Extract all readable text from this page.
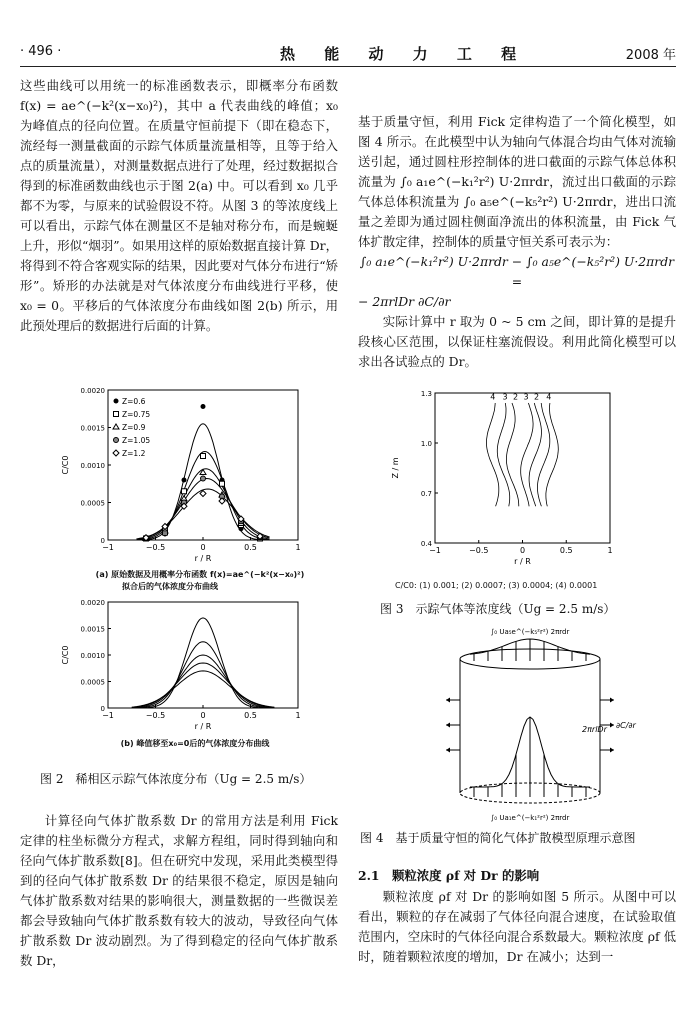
· 496 ·	热 能 动 力 工 程	2008 年

这些曲线可以用统一的标准函数表示，即概率分布函数 f(x) = ae^(−k²(x−x₀)²)，其中 a 代表曲线的峰值；x₀ 为峰值点的径向位置。在质量守恒前提下（即在稳态下，流经每一测量截面的示踪气体质量流量相等，且等于给入点的质量流量），对测量数据点进行了处理，经过数据拟合得到的标准函数曲线也示于图 2(a) 中。可以看到 x₀ 几乎都不为零，与原来的试验假设不符。从图 3 的等浓度线上可以看出，示踪气体在测量区不是轴对称分布，而是蜿蜒上升，形似“烟羽”。如果用这样的原始数据直接计算 Dr，将得到不符合客观实际的结果，因此要对气体分布进行“矫形”。矫形的办法就是对气体浓度分布曲线进行平移，使 x₀ = 0。平移后的气体浓度分布曲线如图 2(b) 所示，用此预处理后的数据进行后面的计算。

−1	−0.5	0	0.5	1
0.0020
0.0015
0.0010
0.0005
0
r / R
C/C0
Z=0.6
Z=0.75
Z=0.9
Z=1.05
Z=1.2
(a) 原始数据及用概率分布函数 f(x)=ae^(−k²(x−x₀)²)
拟合后的气体浓度分布曲线
−1	−0.5	0	0.5	1
0.0020
0.0015
0.0010
0.0005
0
r / R
C/C0
(b) 峰值移至x₀=0后的气体浓度分布曲线
图 2　稀相区示踪气体浓度分布（Ug = 2.5 m/s）

计算径向气体扩散系数 Dr 的常用方法是利用 Fick 定律的柱坐标微分方程式，求解方程组，同时得到轴向和径向气体扩散系数[8]。但在研究中发现，采用此类模型得到的径向气体扩散系数 Dr 的结果很不稳定，原因是轴向气体扩散系数对结果的影响很大，测量数据的一些微误差都会导致轴向气体扩散系数有较大的波动，导致径向气体扩散系数 Dr 波动剧烈。为了得到稳定的径向气体扩散系数 Dr，

基于质量守恒，利用 Fick 定律构造了一个简化模型，如图 4 所示。在此模型中认为轴向气体混合均由气体对流输送引起，通过圆柱形控制体的进口截面的示踪气体总体积流量为 ∫₀ a₁e^(−k₁²r²) U·2πrdr，流过出口截面的示踪气体总体积流量为 ∫₀ a₅e^(−k₅²r²) U·2πrdr，进出口流量之差即为通过圆柱侧面净流出的体积流量，由 Fick 气体扩散定律，控制体的质量守恒关系可表示为：

∫₀ a₁e^(−k₁²r²) U·2πrdr − ∫₀ a₅e^(−k₅²r²) U·2πrdr =

− 2πrlDr ∂C/∂r

实际计算中 r 取为 0 ~ 5 cm 之间，即计算的是提升段核心区范围，以保证柱塞流假设。利用此简化模型可以求出各试验点的 Dr。

−1	−0.5	0	0.5	1
1.3
1.0
0.7
0.4
r / R
Z / m
4 3 2 3 2 4
C/C0: (1) 0.001; (2) 0.0007; (3) 0.0004; (4) 0.0001
图 3　示踪气体等浓度线（Ug = 2.5 m/s）
∫₀ Ua₅e^(−k₅²r²) 2πrdr
2πrlDr ∂C/∂r
∫₀ Ua₁e^(−k₁²r²) 2πrdr
图 4　基于质量守恒的简化气体扩散模型原理示意图
2.1　颗粒浓度 ρf 对 Dr 的影响

颗粒浓度 ρf 对 Dr 的影响如图 5 所示。从图中可以看出，颗粒的存在减弱了气体径向混合速度，在试验取值范围内，空床时的气体径向混合系数最大。颗粒浓度 ρf 低时，随着颗粒浓度的增加，Dr 在减小；达到一
